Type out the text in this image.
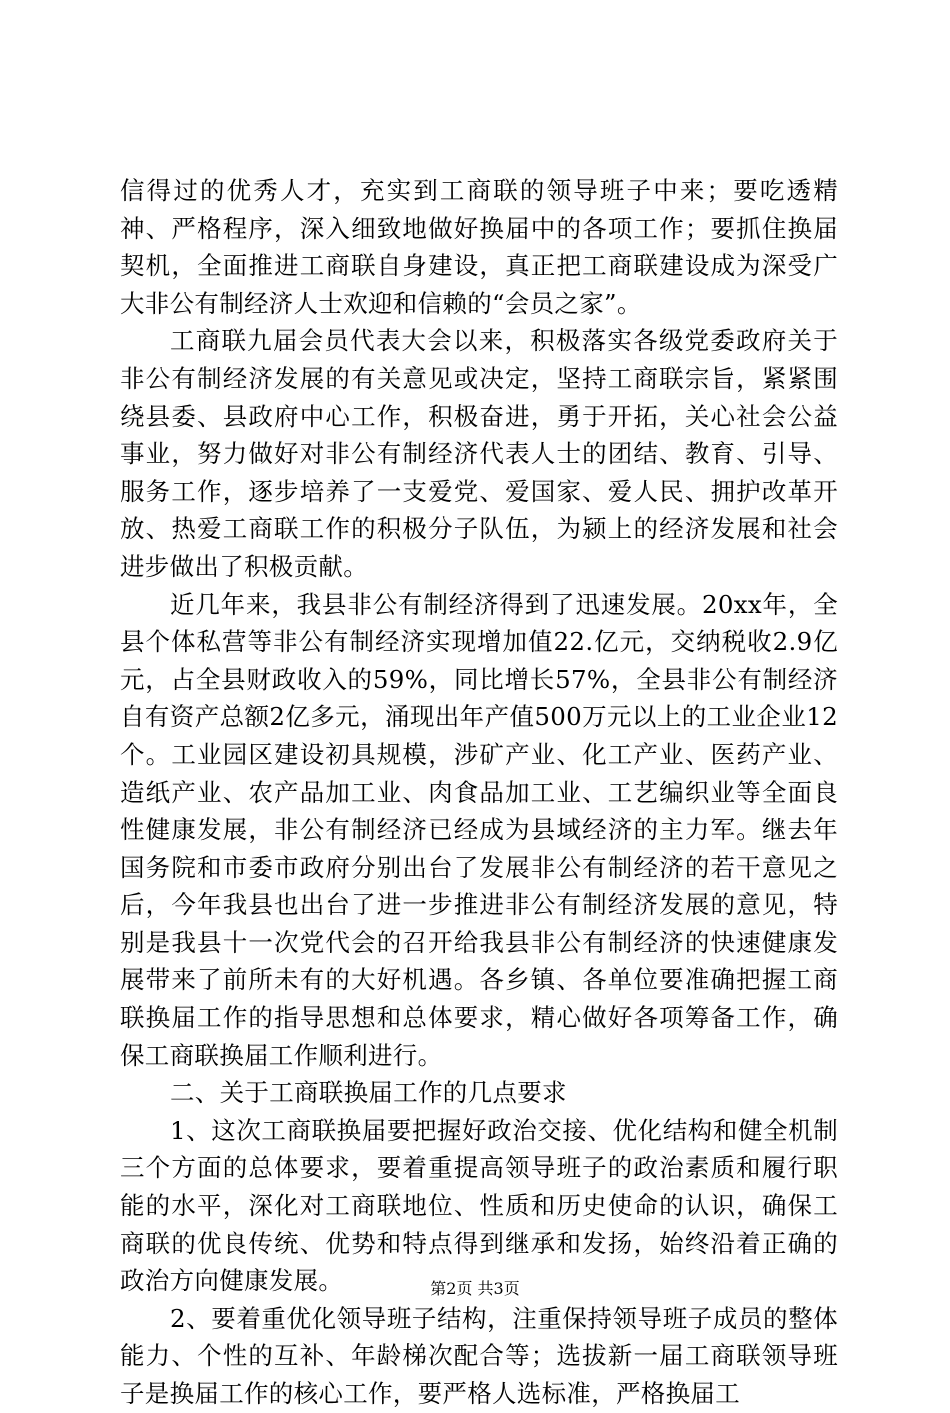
信得过的优秀人才，充实到工商联的领导班子中来；要吃透精神、严格程序，深入细致地做好换届中的各项工作；要抓住换届契机，全面推进工商联自身建设，真正把工商联建设成为深受广大非公有制经济人士欢迎和信赖的“会员之家”。

工商联九届会员代表大会以来，积极落实各级党委政府关于非公有制经济发展的有关意见或决定，坚持工商联宗旨，紧紧围绕县委、县政府中心工作，积极奋进，勇于开拓，关心社会公益事业，努力做好对非公有制经济代表人士的团结、教育、引导、服务工作，逐步培养了一支爱党、爱国家、爱人民、拥护改革开放、热爱工商联工作的积极分子队伍，为颍上的经济发展和社会进步做出了积极贡献。

近几年来，我县非公有制经济得到了迅速发展。20xx年，全县个体私营等非公有制经济实现增加值22.亿元，交纳税收2.9亿元，占全县财政收入的59%，同比增长57%，全县非公有制经济自有资产总额2亿多元，涌现出年产值500万元以上的工业企业12个。工业园区建设初具规模，涉矿产业、化工产业、医药产业、造纸产业、农产品加工业、肉食品加工业、工艺编织业等全面良性健康发展，非公有制经济已经成为县域经济的主力军。继去年国务院和市委市政府分别出台了发展非公有制经济的若干意见之后，今年我县也出台了进一步推进非公有制经济发展的意见，特别是我县十一次党代会的召开给我县非公有制经济的快速健康发展带来了前所未有的大好机遇。各乡镇、各单位要准确把握工商联换届工作的指导思想和总体要求，精心做好各项筹备工作，确保工商联换届工作顺利进行。

二、关于工商联换届工作的几点要求

1、这次工商联换届要把握好政治交接、优化结构和健全机制三个方面的总体要求，要着重提高领导班子的政治素质和履行职能的水平，深化对工商联地位、性质和历史使命的认识，确保工商联的优良传统、优势和特点得到继承和发扬，始终沿着正确的政治方向健康发展。

2、要着重优化领导班子结构，注重保持领导班子成员的整体能力、个性的互补、年龄梯次配合等；选拔新一届工商联领导班子是换届工作的核心工作，要严格人选标准，严格换届工

第2页 共3页
